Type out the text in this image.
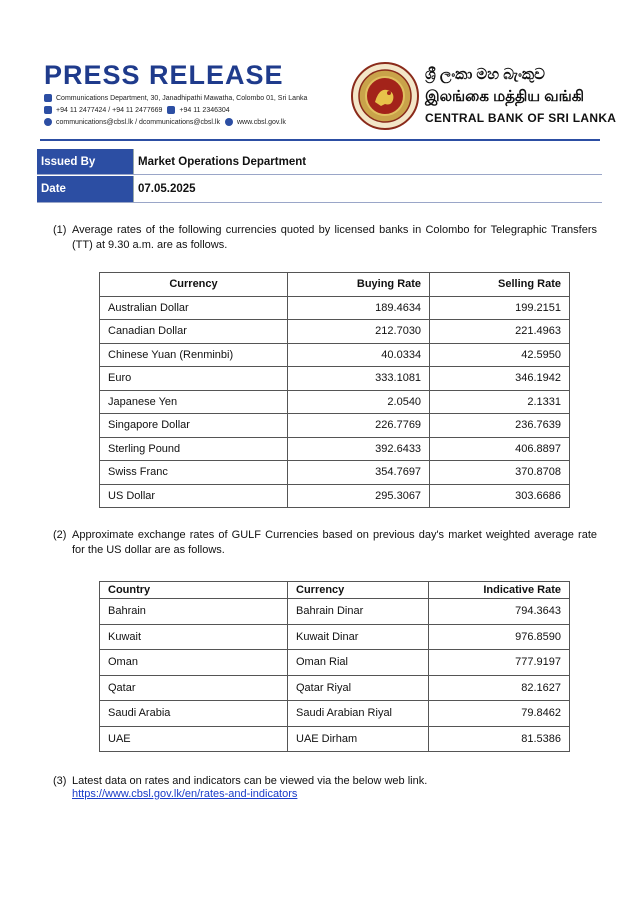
PRESS RELEASE
Communications Department, 30, Janadhipathi Mawatha, Colombo 01, Sri Lanka
+94 11 2477424 / +94 11 2477669 +94 11 2346304
communications@cbsl.lk / dcommunications@cbsl.lk www.cbsl.gov.lk
ශ්‍රී ලංකා මහ බැංකුව
இலங்கை மத்திய வங்கி
CENTRAL BANK OF SRI LANKA
Issued By	Market Operations Department
Date	07.05.2025
(1) Average rates of the following currencies quoted by licensed banks in Colombo for Telegraphic Transfers (TT) at 9.30 a.m. are as follows.
Currency	Buying Rate	Selling Rate
Australian Dollar	189.4634	199.2151
Canadian Dollar	212.7030	221.4963
Chinese Yuan (Renminbi)	40.0334	42.5950
Euro	333.1081	346.1942
Japanese Yen	2.0540	2.1331
Singapore Dollar	226.7769	236.7639
Sterling Pound	392.6433	406.8897
Swiss Franc	354.7697	370.8708
US Dollar	295.3067	303.6686
(2) Approximate exchange rates of GULF Currencies based on previous day's market weighted average rate for the US dollar are as follows.
Country	Currency	Indicative Rate
Bahrain	Bahrain Dinar	794.3643
Kuwait	Kuwait Dinar	976.8590
Oman	Oman Rial	777.9197
Qatar	Qatar Riyal	82.1627
Saudi Arabia	Saudi Arabian Riyal	79.8462
UAE	UAE Dirham	81.5386
(3) Latest data on rates and indicators can be viewed via the below web link.
https://www.cbsl.gov.lk/en/rates-and-indicators
